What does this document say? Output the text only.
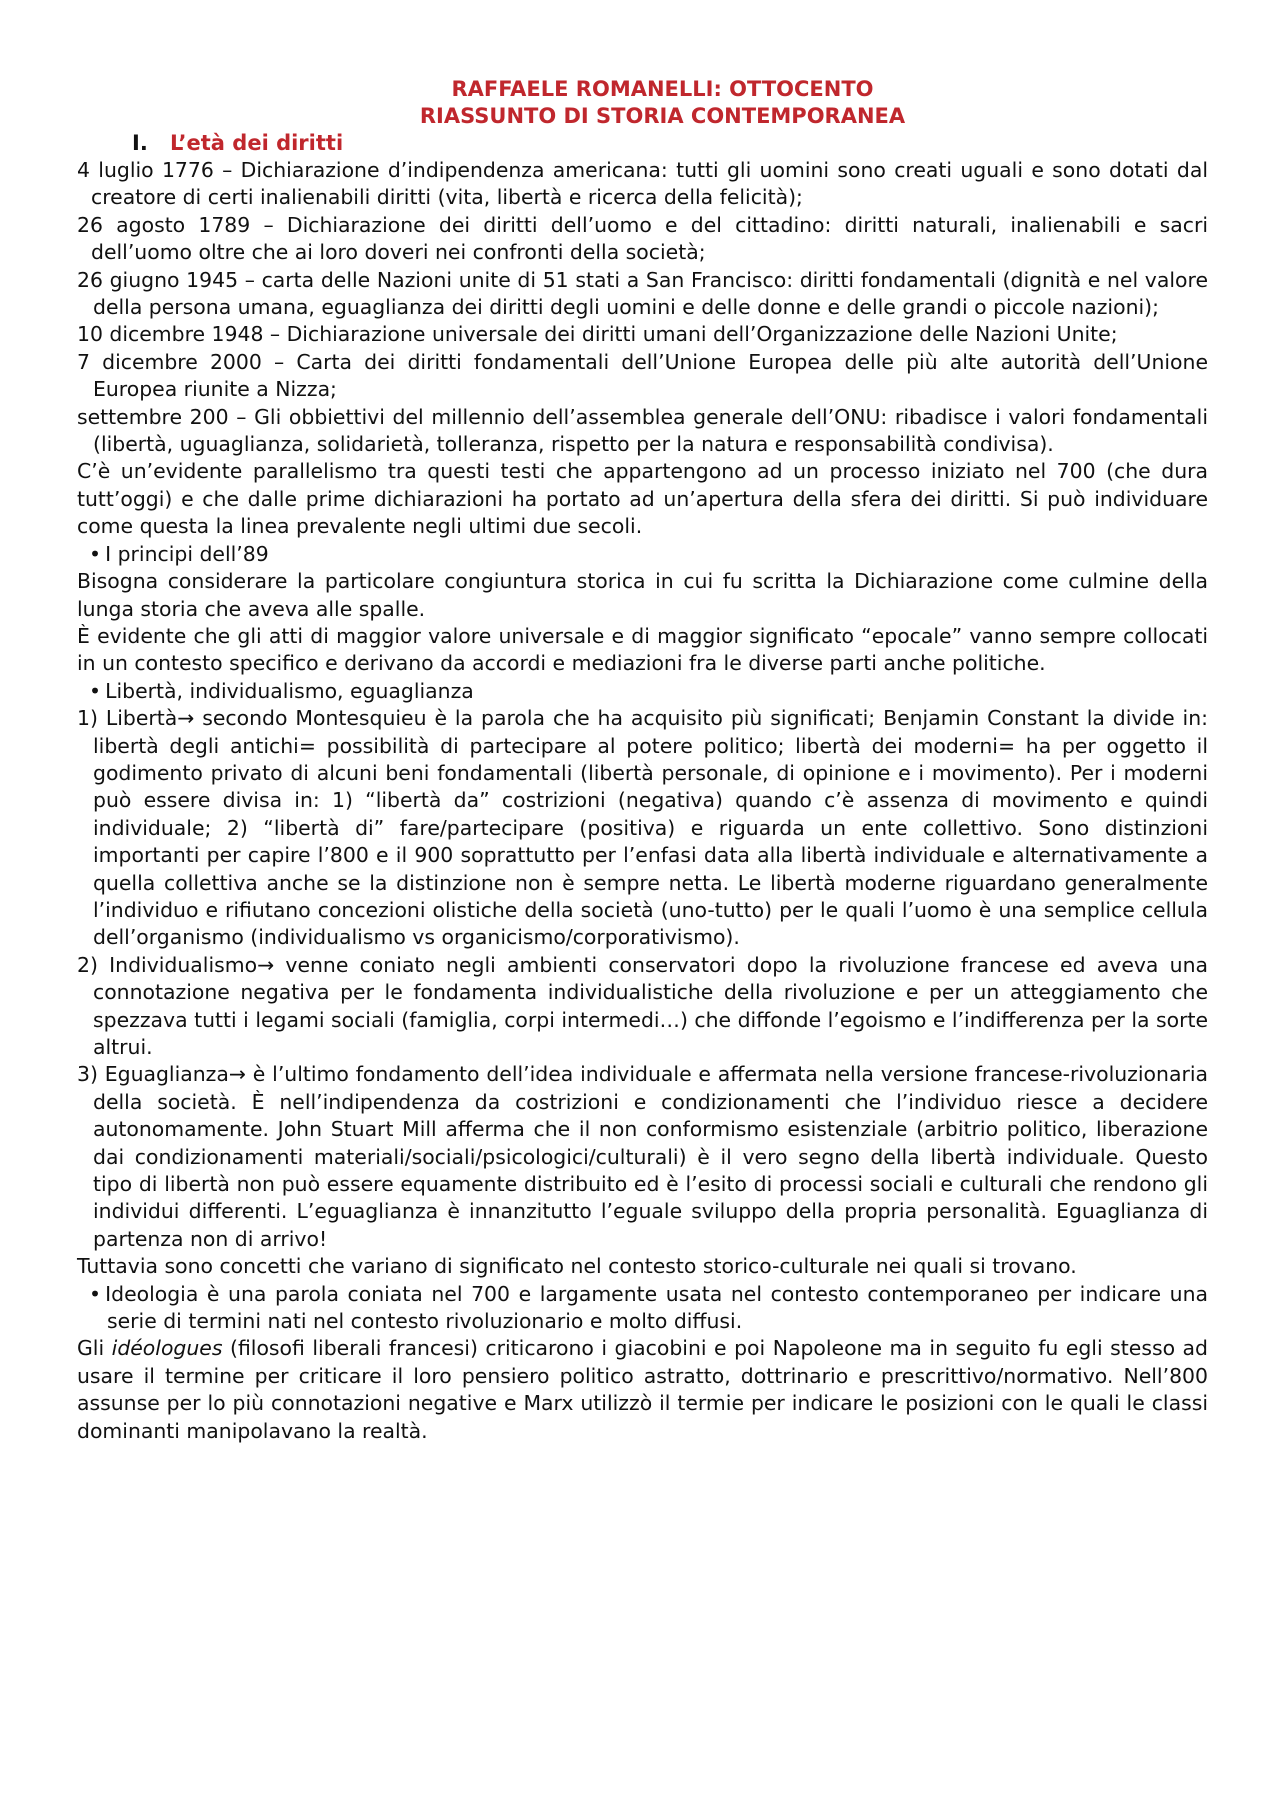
RAFFAELE ROMANELLI: OTTOCENTO
RIASSUNTO DI STORIA CONTEMPORANEA
I. L’età dei diritti

4 luglio 1776 – Dichiarazione d’indipendenza americana: tutti gli uomini sono creati uguali e sono dotati dal creatore di certi inalienabili diritti (vita, libertà e ricerca della felicità);

26 agosto 1789 – Dichiarazione dei diritti dell’uomo e del cittadino: diritti naturali, inalienabili e sacri dell’uomo oltre che ai loro doveri nei confronti della società;

26 giugno 1945 – carta delle Nazioni unite di 51 stati a San Francisco: diritti fondamentali (dignità e nel valore della persona umana, eguaglianza dei diritti degli uomini e delle donne e delle grandi o piccole nazioni);

10 dicembre 1948 – Dichiarazione universale dei diritti umani dell’Organizzazione delle Nazioni Unite;

7 dicembre 2000 – Carta dei diritti fondamentali dell’Unione Europea delle più alte autorità dell’Unione Europea riunite a Nizza;

settembre 200 – Gli obbiettivi del millennio dell’assemblea generale dell’ONU: ribadisce i valori fondamentali (libertà, uguaglianza, solidarietà, tolleranza, rispetto per la natura e responsabilità condivisa).

C’è un’evidente parallelismo tra questi testi che appartengono ad un processo iniziato nel 700 (che dura tutt’oggi) e che dalle prime dichiarazioni ha portato ad un’apertura della sfera dei diritti. Si può individuare come questa la linea prevalente negli ultimi due secoli.

• I principi dell’89

Bisogna considerare la particolare congiuntura storica in cui fu scritta la Dichiarazione come culmine della lunga storia che aveva alle spalle.

È evidente che gli atti di maggior valore universale e di maggior significato “epocale” vanno sempre collocati in un contesto specifico e derivano da accordi e mediazioni fra le diverse parti anche politiche.

• Libertà, individualismo, eguaglianza

1) Libertà→ secondo Montesquieu è la parola che ha acquisito più significati; Benjamin Constant la divide in: libertà degli antichi= possibilità di partecipare al potere politico; libertà dei moderni= ha per oggetto il godimento privato di alcuni beni fondamentali (libertà personale, di opinione e i movimento). Per i moderni può essere divisa in: 1) “libertà da” costrizioni (negativa) quando c’è assenza di movimento e quindi individuale; 2) “libertà di” fare/partecipare (positiva) e riguarda un ente collettivo. Sono distinzioni importanti per capire l’800 e il 900 soprattutto per l’enfasi data alla libertà individuale e alternativamente a quella collettiva anche se la distinzione non è sempre netta. Le libertà moderne riguardano generalmente l’individuo e rifiutano concezioni olistiche della società (uno-tutto) per le quali l’uomo è una semplice cellula dell’organismo (individualismo vs organicismo/corporativismo).

2) Individualismo→ venne coniato negli ambienti conservatori dopo la rivoluzione francese ed aveva una connotazione negativa per le fondamenta individualistiche della rivoluzione e per un atteggiamento che spezzava tutti i legami sociali (famiglia, corpi intermedi…) che diffonde l’egoismo e l’indifferenza per la sorte altrui.

3) Eguaglianza→ è l’ultimo fondamento dell’idea individuale e affermata nella versione francese-rivoluzionaria della società. È nell’indipendenza da costrizioni e condizionamenti che l’individuo riesce a decidere autonomamente. John Stuart Mill afferma che il non conformismo esistenziale (arbitrio politico, liberazione dai condizionamenti materiali/sociali/psicologici/culturali) è il vero segno della libertà individuale. Questo tipo di libertà non può essere equamente distribuito ed è l’esito di processi sociali e culturali che rendono gli individui differenti. L’eguaglianza è innanzitutto l’eguale sviluppo della propria personalità. Eguaglianza di partenza non di arrivo!

Tuttavia sono concetti che variano di significato nel contesto storico-culturale nei quali si trovano.

• Ideologia è una parola coniata nel 700 e largamente usata nel contesto contemporaneo per indicare una serie di termini nati nel contesto rivoluzionario e molto diffusi.

Gli idéologues (filosofi liberali francesi) criticarono i giacobini e poi Napoleone ma in seguito fu egli stesso ad usare il termine per criticare il loro pensiero politico astratto, dottrinario e prescrittivo/normativo. Nell’800 assunse per lo più connotazioni negative e Marx utilizzò il termie per indicare le posizioni con le quali le classi dominanti manipolavano la realtà.
